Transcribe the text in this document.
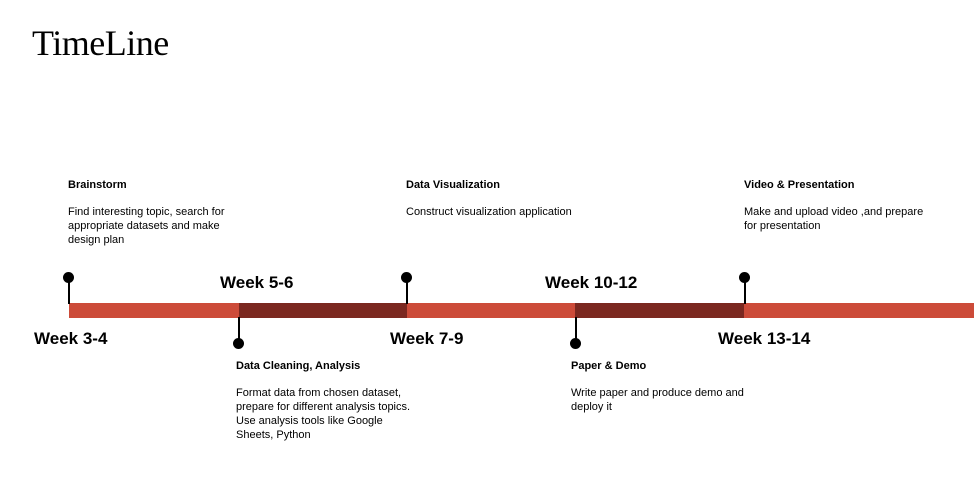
TimeLine
Week 3-4
Week 5-6
Week 7-9
Week 10-12
Week 13-14
Brainstorm
Find interesting topic, search for appropriate datasets and make design plan
Data Visualization
Construct visualization application
Video & Presentation
Make and upload video ,and prepare for presentation
Data Cleaning, Analysis
Format data from chosen dataset, prepare for different analysis topics. Use analysis tools like Google Sheets, Python
Paper & Demo
Write paper and produce demo and deploy it
